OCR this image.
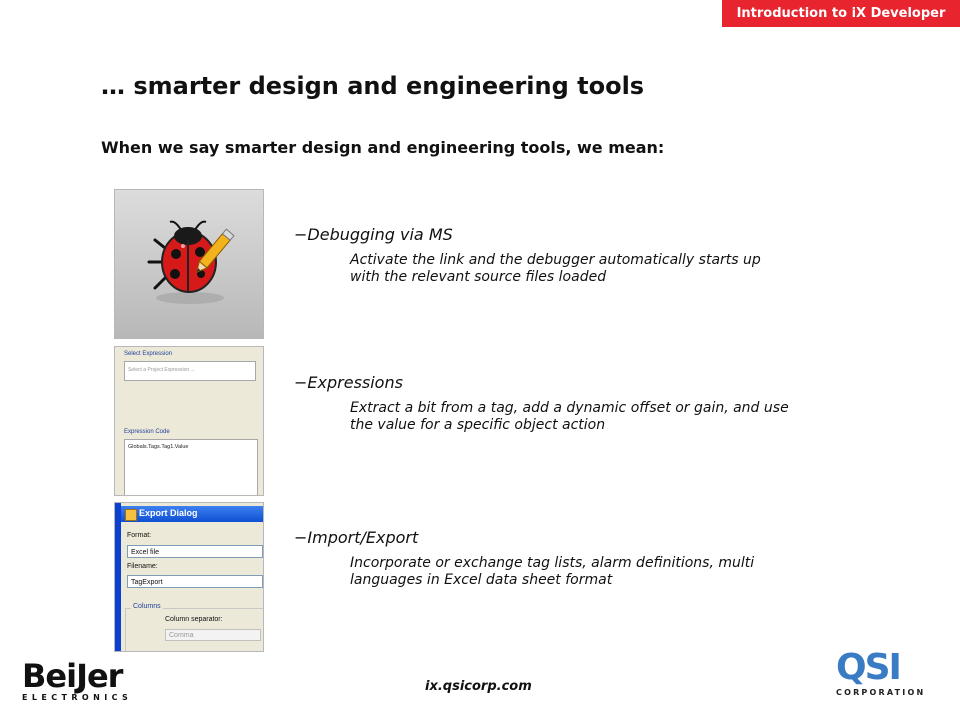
Introduction to iX Developer
… smarter design and engineering tools
When we say smarter design and engineering tools, we mean:
Select Expression
Select a Project Expression ...
Expression Code
Globals.Tags.Tag1.Value
Export Dialog
Format:
Excel file
Filename:
TagExport
Columns
Column separator:
Comma
−Debugging via MS
Activate the link and the debugger automatically starts up with the relevant source files loaded
−Expressions
Extract a bit from a tag, add a dynamic offset or gain, and use the value for a specific object action
−Import/Export
Incorporate or exchange tag lists, alarm definitions, multi languages in Excel data sheet format
BeiJer
ELECTRONICS
ix.qsicorp.com	QSI
CORPORATION
